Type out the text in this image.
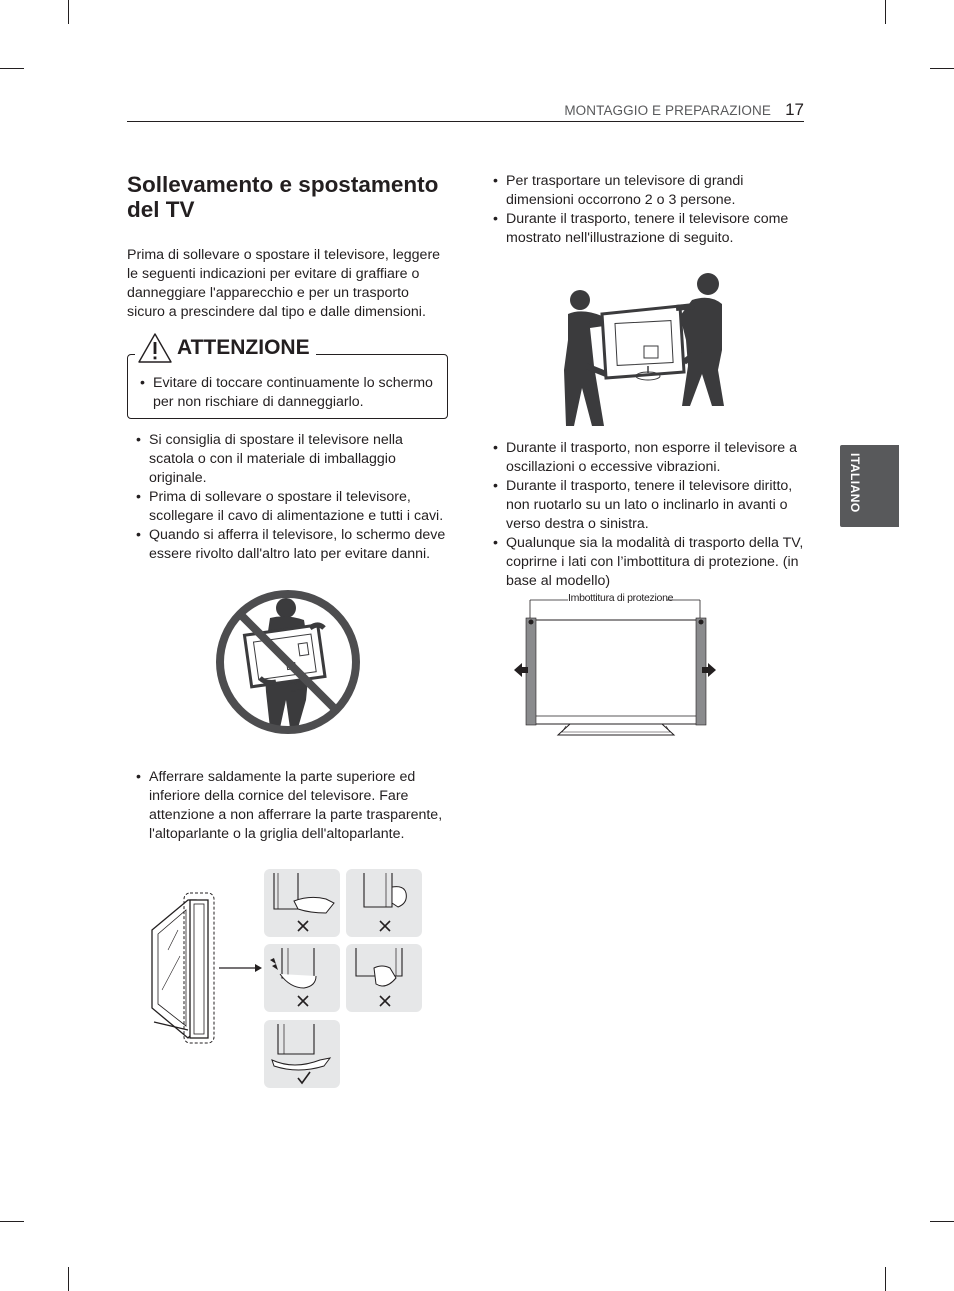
MONTAGGIO E PREPARAZIONE 17
ITALIANO
Sollevamento e spostamento del TV

Prima di sollevare o spostare il televisore, leggere le seguenti indicazioni per evitare di graffiare o danneggiare l'apparecchio e per un trasporto sicuro a prescindere dal tipo e dalle dimensioni.

ATTENZIONE
• Evitare di toccare continuamente lo schermo per non rischiare di danneggiarlo.
• Si consiglia di spostare il televisore nella scatola o con il materiale di imballaggio originale.
• Prima di sollevare o spostare il televisore, scollegare il cavo di alimentazione e tutti i cavi.
• Quando si afferra il televisore, lo schermo deve essere rivolto dall'altro lato per evitare danni.
• Afferrare saldamente la parte superiore ed inferiore della cornice del televisore. Fare attenzione a non afferrare la parte trasparente, l'altoparlante o la griglia dell'altoparlante.
• Per trasportare un televisore di grandi dimensioni occorrono 2 o 3 persone.
• Durante il trasporto, tenere il televisore come mostrato nell'illustrazione di seguito.
• Durante il trasporto, non esporre il televisore a oscillazioni o eccessive vibrazioni.
• Durante il trasporto, tenere il televisore diritto, non ruotarlo su un lato o inclinarlo in avanti o verso destra o sinistra.
• Qualunque sia la modalità di trasporto della TV, coprirne i lati con l’imbottitura di protezione. (in base al modello)
Imbottitura di protezione
